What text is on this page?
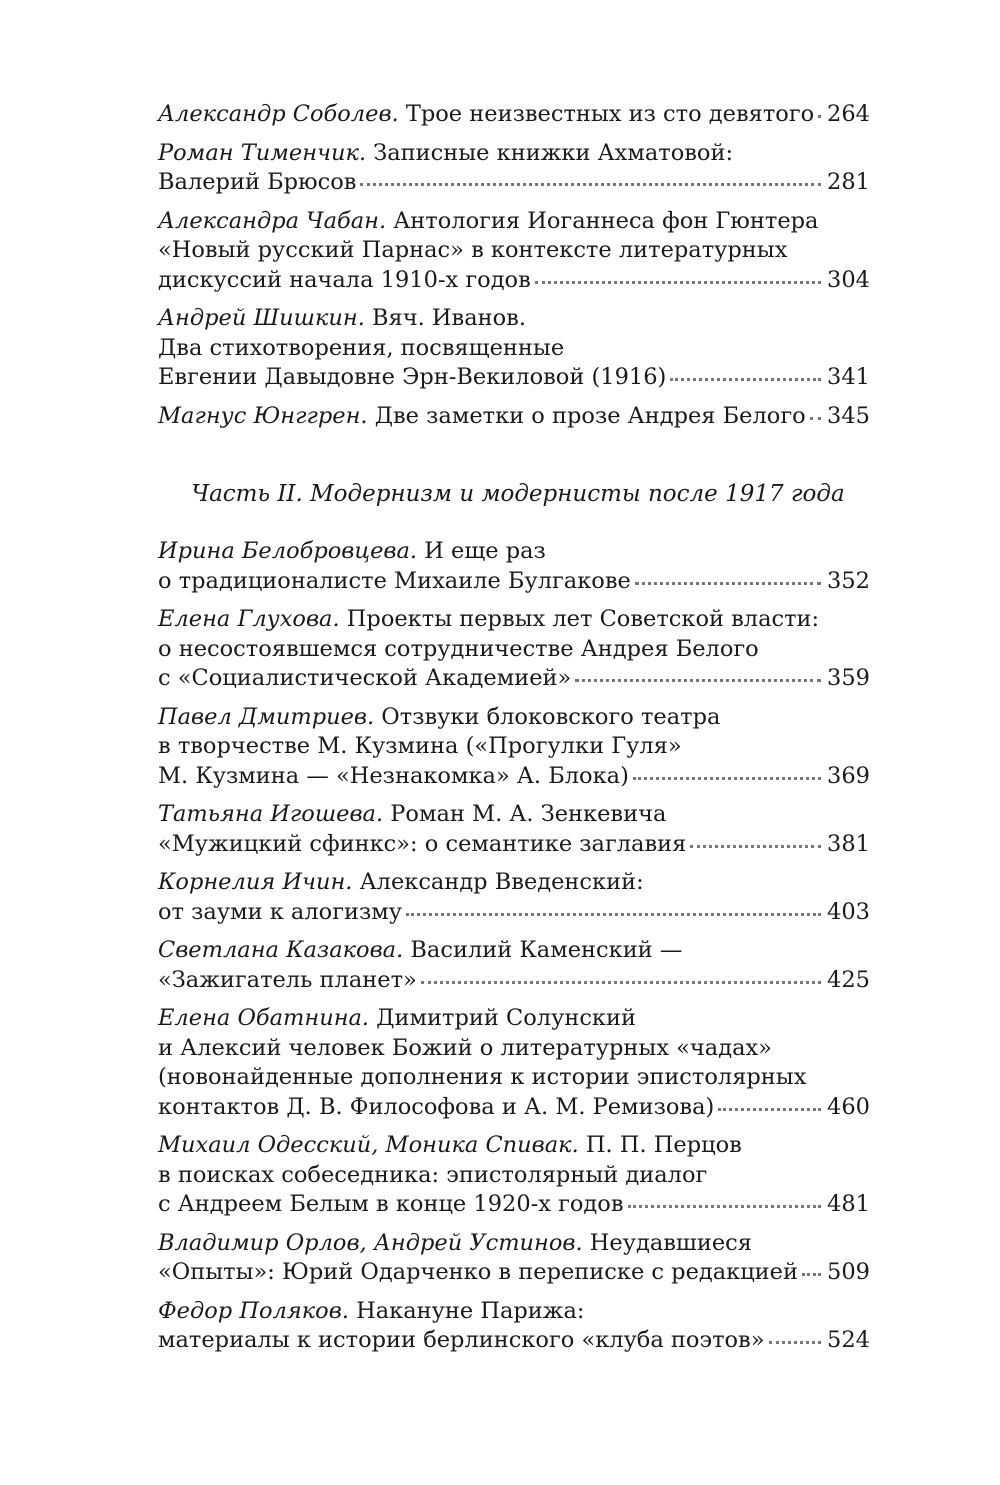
Александр Соболев. Трое неизвестных из сто девятого 264
Роман Тименчик. Записные книжки Ахматовой:
Валерий Брюсов	281
Александра Чабан. Антология Иоганнеса фон Гюнтера
«Новый русский Парнас» в контексте литературных
дискуссий начала 1910-х годов	304
Андрей Шишкин. Вяч. Иванов.
Два стихотворения, посвященные
Евгении Давыдовне Эрн-Векиловой (1916)	341
Магнус Юнггрен. Две заметки о прозе Андрея Белого 345
Часть II. Модернизм и модернисты после 1917 года
Ирина Белобровцева. И еще раз
о традиционалисте Михаиле Булгакове	352
Елена Глухова. Проекты первых лет Советской власти:
о несостоявшемся сотрудничестве Андрея Белого
с «Социалистической Академией»	359
Павел Дмитриев. Отзвуки блоковского театра
в творчестве М. Кузмина («Прогулки Гуля»
М. Кузмина — «Незнакомка» А. Блока)	369
Татьяна Игошева. Роман М. А. Зенкевича
«Мужицкий сфинкс»: о семантике заглавия	381
Корнелия Ичин. Александр Введенский:
от зауми к алогизму	403
Светлана Казакова. Василий Каменский —
«Зажигатель планет»	425
Елена Обатнина. Димитрий Солунский
и Алексий человек Божий о литературных «чадах»
(новонайденные дополнения к истории эпистолярных
контактов Д. В. Философова и А. М. Ремизова)	460
Михаил Одесский, Моника Спивак. П. П. Перцов
в поисках собеседника: эпистолярный диалог
с Андреем Белым в конце 1920-х годов	481
Владимир Орлов, Андрей Устинов. Неудавшиеся
«Опыты»: Юрий Одарченко в переписке с редакцией 509
Федор Поляков. Накануне Парижа:
материалы к истории берлинского «клуба поэтов»	524
